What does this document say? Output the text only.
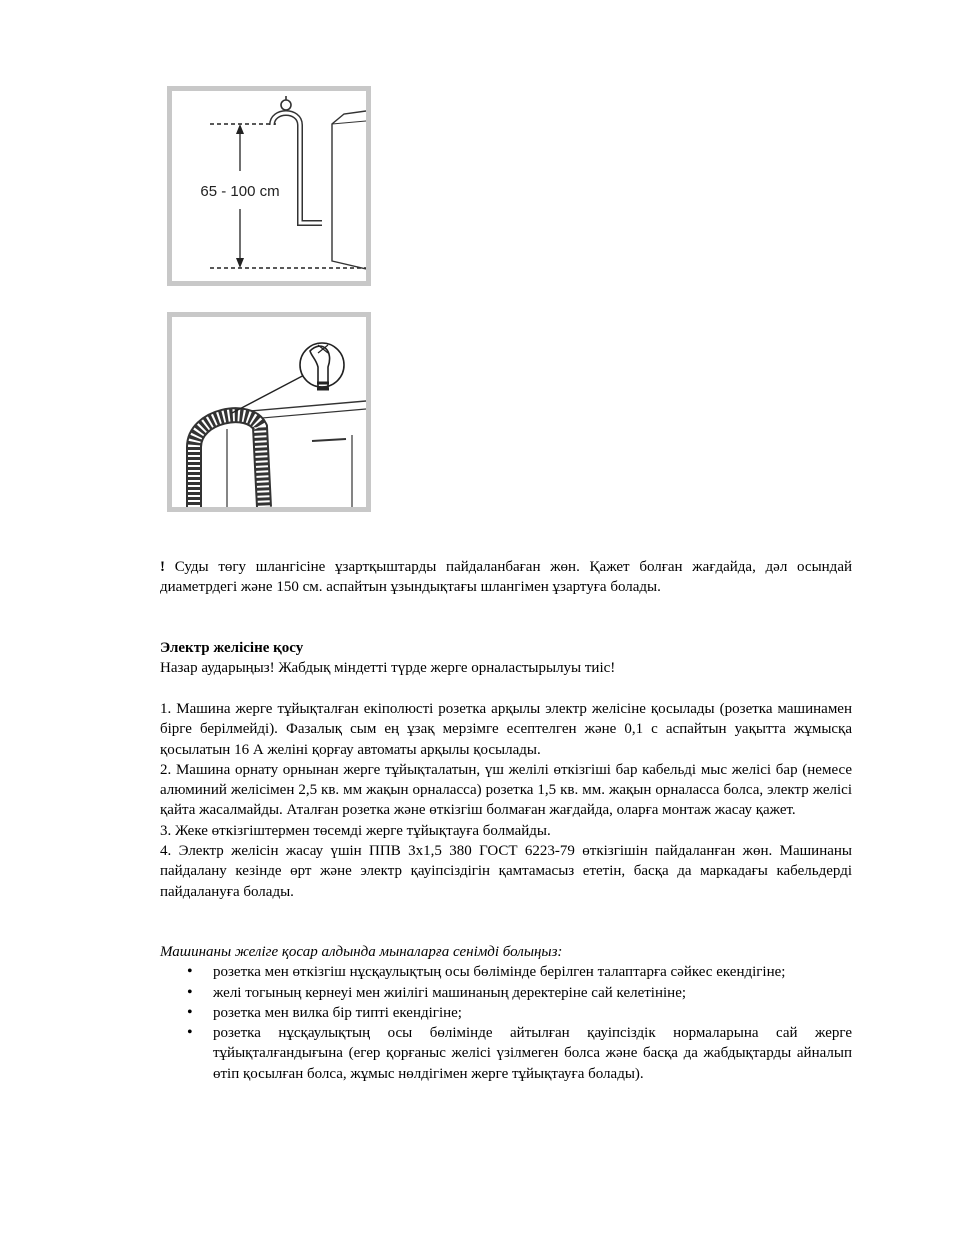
65 - 100 cm

! Суды төгу шлангісіне ұзартқыштарды пайдаланбаған жөн. Қажет болған жағдайда, дәл осындай диаметрдегі және 150 см. аспайтын ұзындықтағы шлангімен ұзартуға болады.

Электр желісіне қосу

Назар аударыңыз! Жабдық міндетті түрде жерге орналастырылуы тиіс!

1. Машина жерге тұйықталған екіполюсті розетка арқылы электр желісіне қосылады (розетка машинамен бірге берілмейді). Фазалық сым ең ұзақ мерзімге есептелген және 0,1 с аспайтын уақытта жұмысқа қосылатын 16 А желіні қорғау автоматы арқылы қосылады.

2. Машина орнату орнынан жерге тұйықталатын, үш желілі өткізгіші бар кабельді мыс желісі бар (немесе алюминий желісімен 2,5 кв. мм жақын орналасса) розетка 1,5 кв. мм. жақын орналасса болса, электр желісі қайта жасалмайды. Аталған розетка және өткізгіш болмаған жағдайда, оларға монтаж жасау қажет.

3. Жеке өткізгіштермен төсемді жерге тұйықтауға болмайды.

4. Электр желісін жасау үшін ППВ 3х1,5 380 ГОСТ 6223-79 өткізгішін пайдаланған жөн. Машинаны пайдалану кезінде өрт және электр қауіпсіздігін қамтамасыз ететін, басқа да маркадағы кабельдерді пайдалануға болады.

Машинаны желіге қосар алдында мыналарға сенімді болыңыз:

• розетка мен өткізгіш нұсқаулықтың осы бөлімінде берілген талаптарға сәйкес екендігіне;
• желі тогының кернеуі мен жиілігі машинаның деректеріне сай келетініне;
• розетка мен вилка бір типті екендігіне;
• розетка нұсқаулықтың осы бөлімінде айтылған қауіпсіздік нормаларына сай жерге тұйықталғандығына (егер қорғаныс желісі үзілмеген болса және басқа да жабдықтарды айналып өтіп қосылған болса, жұмыс нөлдігімен жерге тұйықтауға болады).
